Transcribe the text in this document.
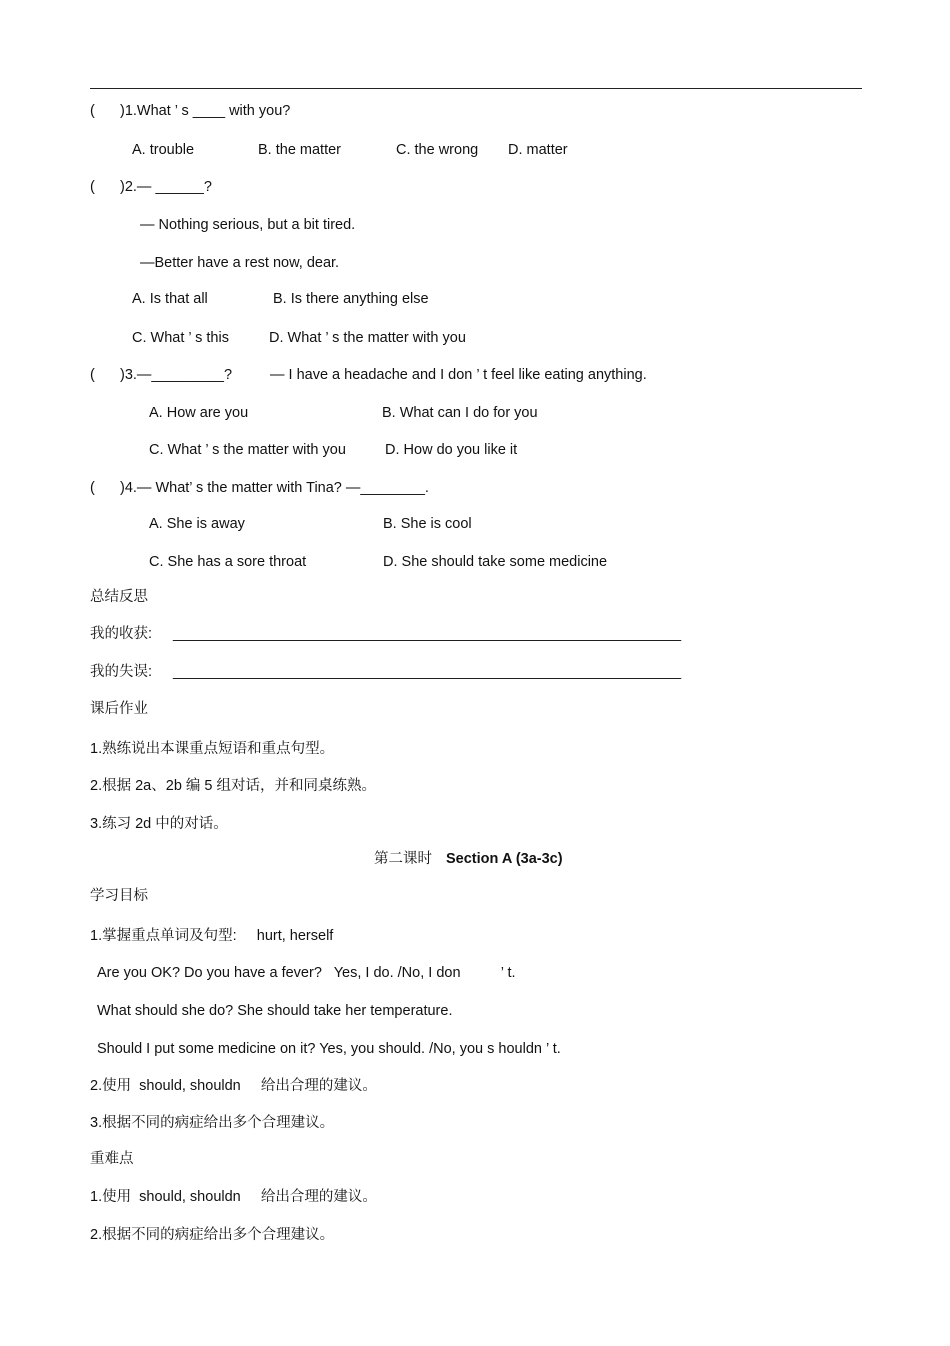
( )1.What ’ s ____ with you?
A. trouble	B. the matter	C. the wrong D. matter
( )2.— ______?
— Nothing serious, but a bit tired.
—Better have a rest now, dear.
A. Is that all	B. Is there anything else
C. What ’ s this	D. What ’ s the matter with you
( )3.—_________?	— I have a headache and I don ’ t feel like eating anything.
A. How are you	B. What can I do for you
C. What ’ s the matter with you	D. How do you like it
( )4.— What’ s the matter with Tina? —________.
A. She is away	B. She is cool
C. She has a sore throat	D. She should take some medicine
总结反思
我的收获: _______________________________________________________________
我的失误: _______________________________________________________________
课后作业
1.熟练说出本课重点短语和重点句型。
2.根据 2a、2b 编 5 组对话，并和同桌练熟。
3.练习 2d 中的对话。
第二课时 Section A (3a-3c)
学习目标
1.掌握重点单词及句型:     hurt, herself
Are you OK? Do you have a fever?   Yes, I do. /No, I don          ’ t.
What should she do? She should take her temperature.
Should I put some medicine on it? Yes, you should. /No, you s houldn ’ t.
2.使用  should, shouldn     给出合理的建议。
3.根据不同的病症给出多个合理建议。
重难点
1.使用  should, shouldn     给出合理的建议。
2.根据不同的病症给出多个合理建议。
